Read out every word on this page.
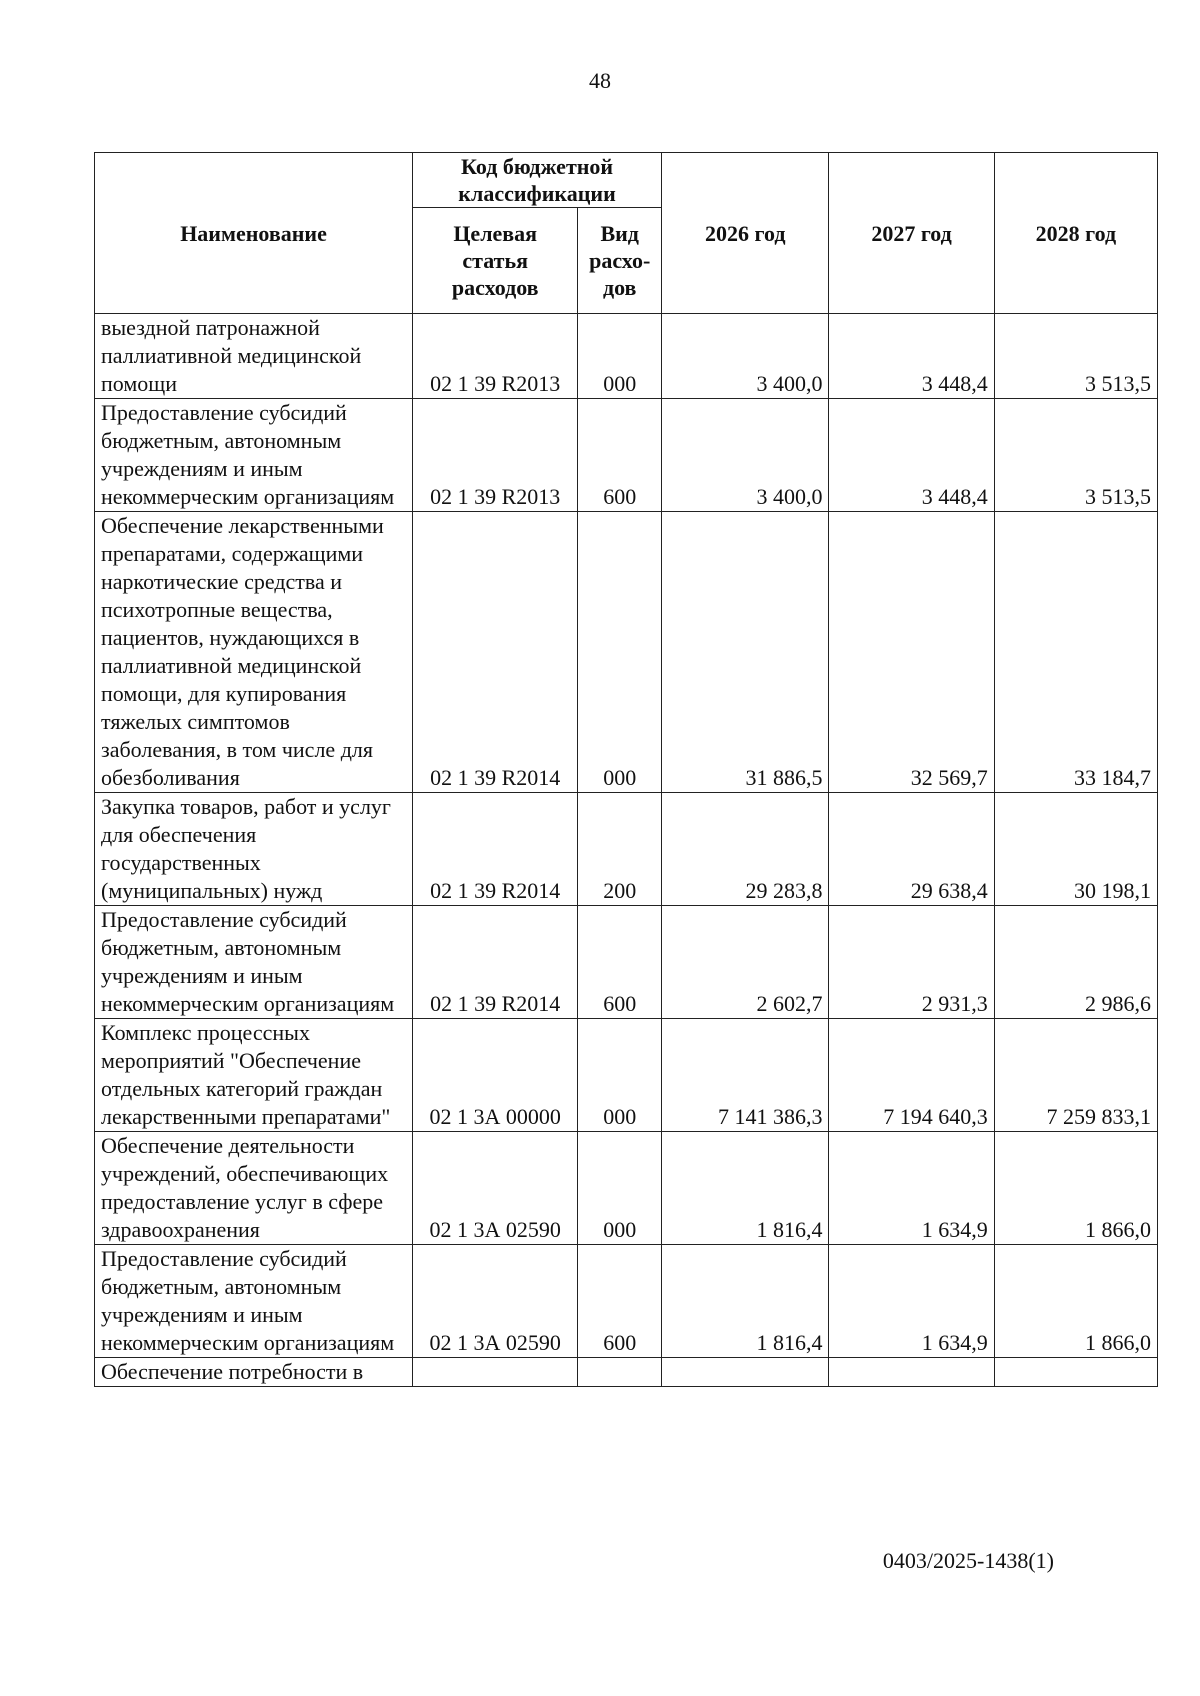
48
Наименование	Код бюджетной классификации		2026 год	2027 год	2028 год
	Целевая статья расходов	Вид расхо-дов			
выездной патронажной паллиативной медицинской помощи	02 1 39 R2013	000	3 400,0	3 448,4	3 513,5
Предоставление субсидий бюджетным, автономным учреждениям и иным некоммерческим организациям	02 1 39 R2013	600	3 400,0	3 448,4	3 513,5
Обеспечение лекарственными препаратами, содержащими наркотические средства и психотропные вещества, пациентов, нуждающихся в паллиативной медицинской помощи, для купирования тяжелых симптомов заболевания, в том числе для обезболивания	02 1 39 R2014	000	31 886,5	32 569,7	33 184,7
Закупка товаров, работ и услуг для обеспечения государственных (муниципальных) нужд	02 1 39 R2014	200	29 283,8	29 638,4	30 198,1
Предоставление субсидий бюджетным, автономным учреждениям и иным некоммерческим организациям	02 1 39 R2014	600	2 602,7	2 931,3	2 986,6
Комплекс процессных мероприятий "Обеспечение отдельных категорий граждан лекарственными препаратами"	02 1 3А 00000	000	7 141 386,3	7 194 640,3	7 259 833,1
Обеспечение деятельности учреждений, обеспечивающих предоставление услуг в сфере здравоохранения	02 1 3А 02590	000	1 816,4	1 634,9	1 866,0
Предоставление субсидий бюджетным, автономным учреждениям и иным некоммерческим организациям	02 1 3А 02590	600	1 816,4	1 634,9	1 866,0
Обеспечение потребности в					
0403/2025-1438(1)
